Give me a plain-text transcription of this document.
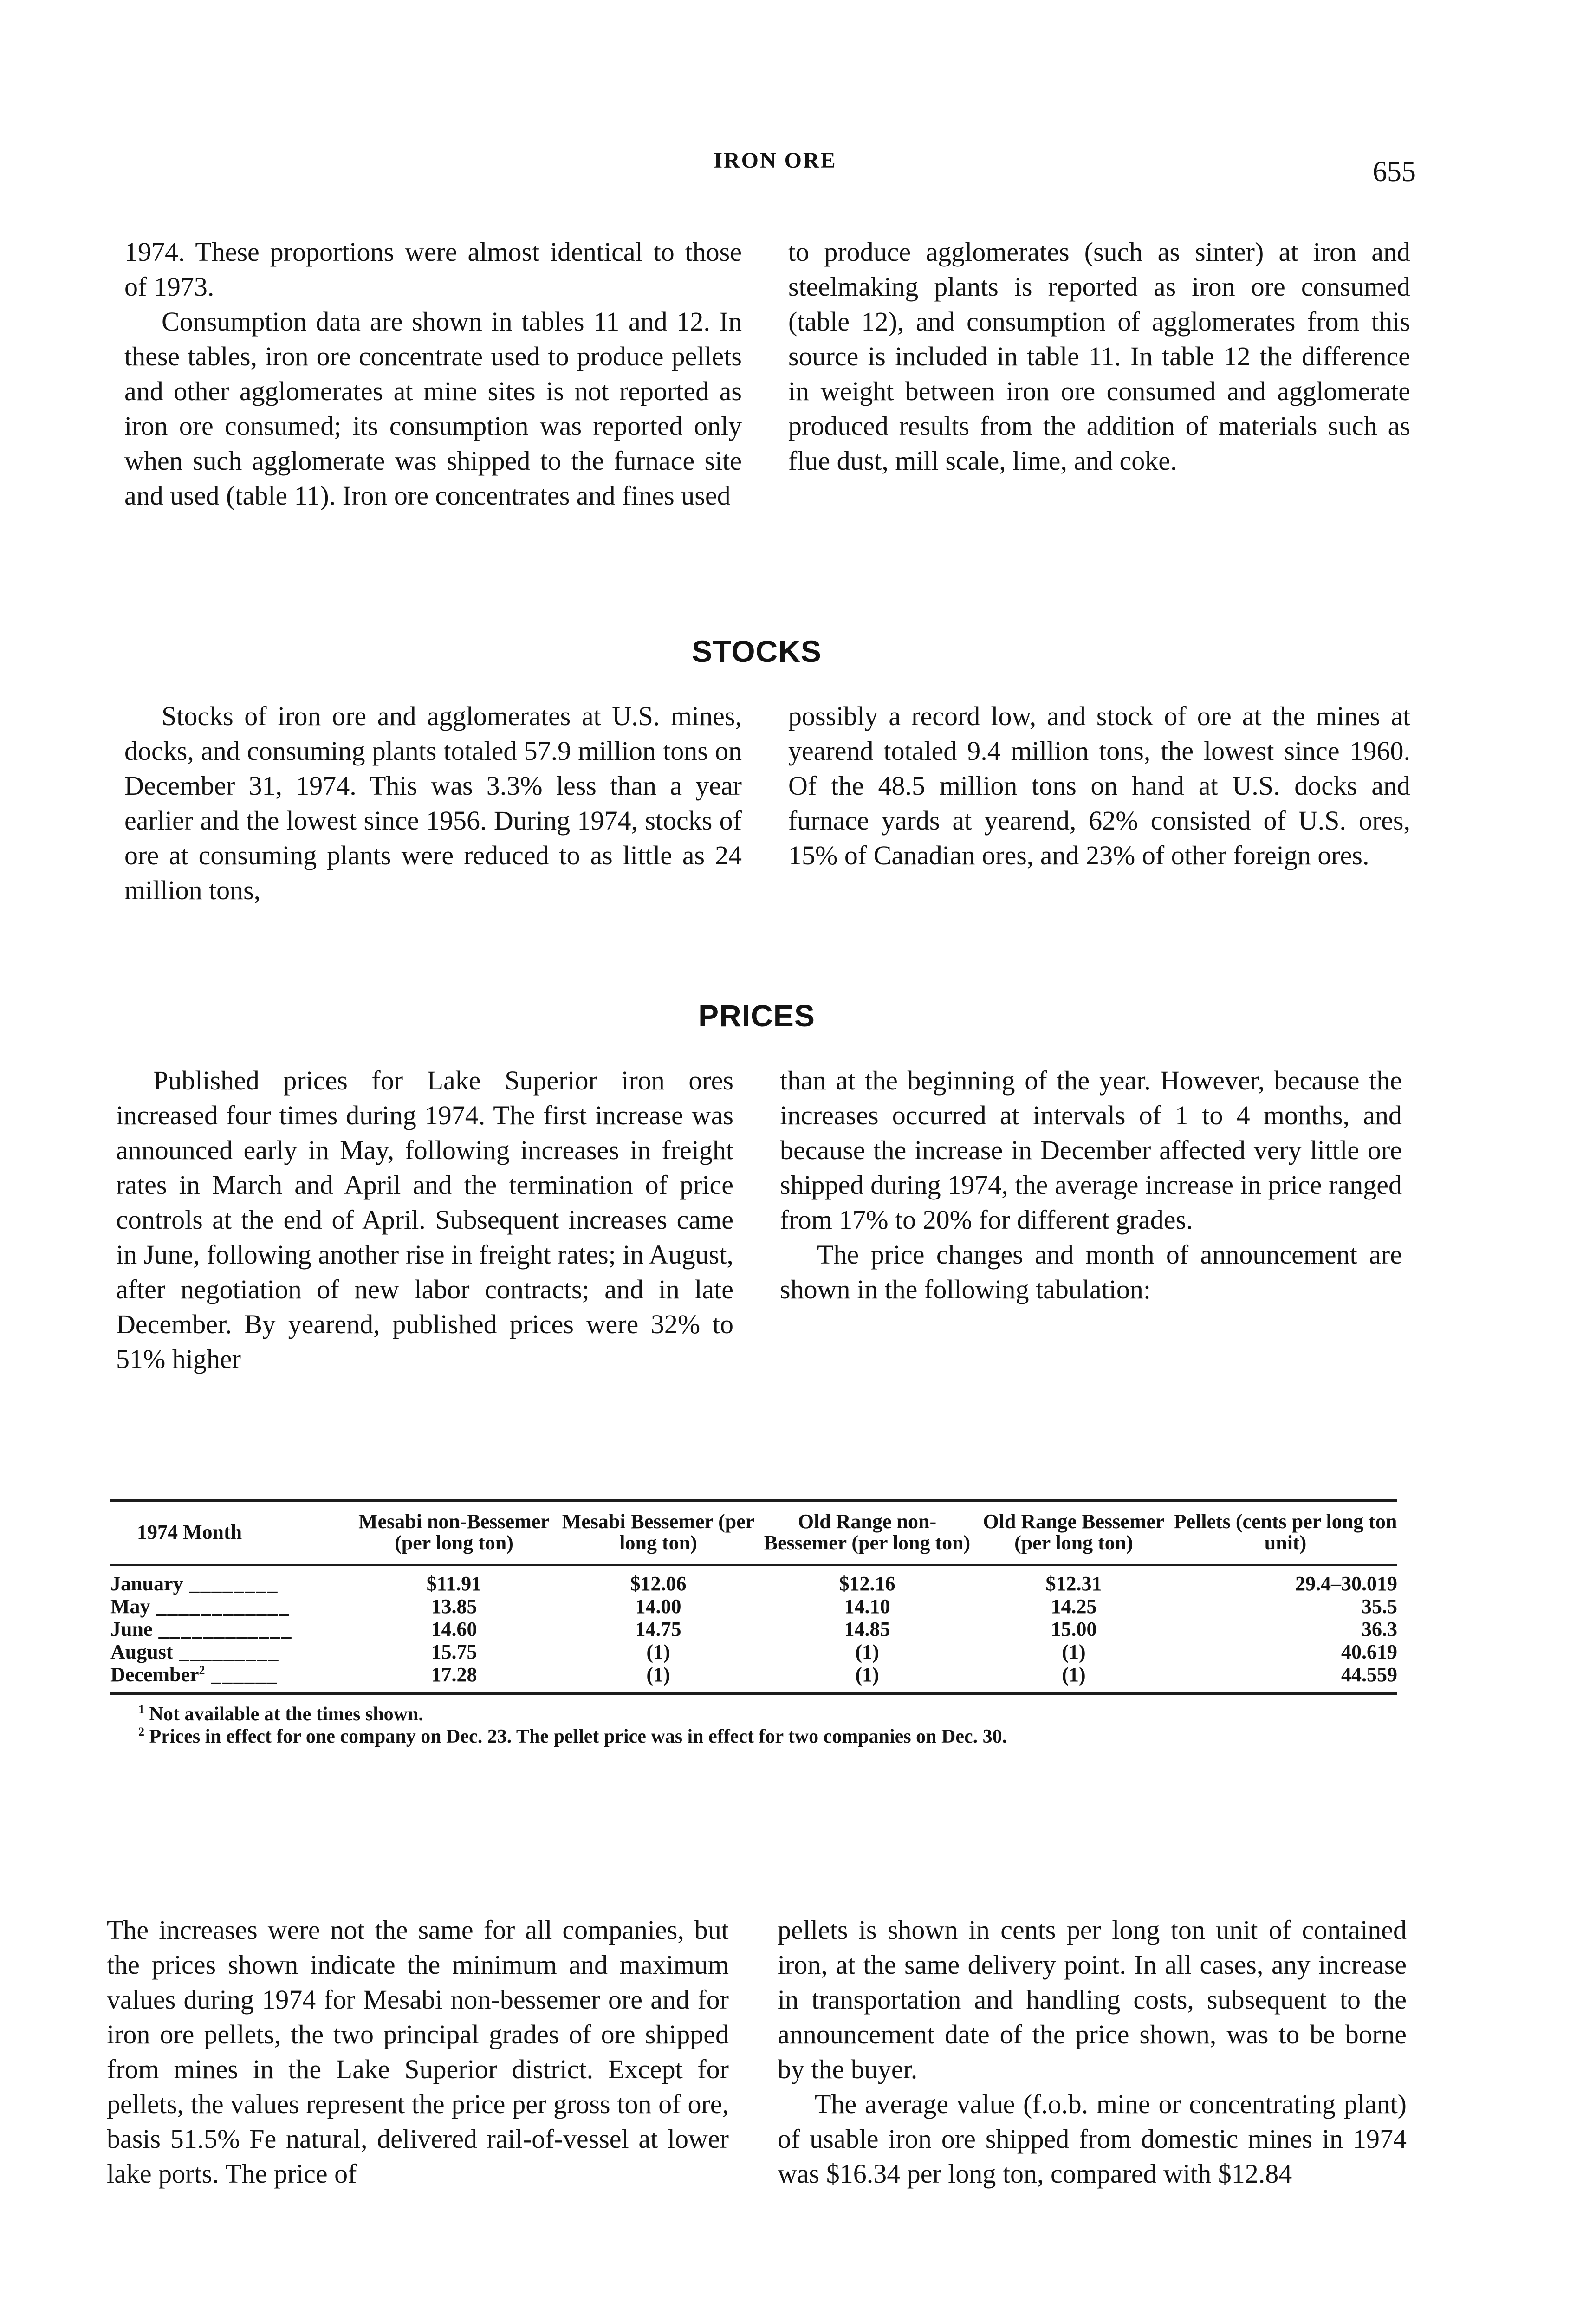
IRON ORE	655

1974. These proportions were almost identical to those of 1973.

Consumption data are shown in tables 11 and 12. In these tables, iron ore concentrate used to produce pellets and other agglomerates at mine sites is not reported as iron ore consumed; its consumption was reported only when such agglomerate was shipped to the furnace site and used (table 11). Iron ore concentrates and fines used

to produce agglomerates (such as sinter) at iron and steelmaking plants is reported as iron ore consumed (table 12), and consumption of agglomerates from this source is included in table 11. In table 12 the difference in weight between iron ore consumed and agglomerate produced results from the addition of materials such as flue dust, mill scale, lime, and coke.

STOCKS

Stocks of iron ore and agglomerates at U.S. mines, docks, and consuming plants totaled 57.9 million tons on December 31, 1974. This was 3.3% less than a year earlier and the lowest since 1956. During 1974, stocks of ore at consuming plants were reduced to as little as 24 million tons,

possibly a record low, and stock of ore at the mines at yearend totaled 9.4 million tons, the lowest since 1960. Of the 48.5 million tons on hand at U.S. docks and furnace yards at yearend, 62% consisted of U.S. ores, 15% of Canadian ores, and 23% of other foreign ores.

PRICES

Published prices for Lake Superior iron ores increased four times during 1974. The first increase was announced early in May, following increases in freight rates in March and April and the termination of price controls at the end of April. Subsequent increases came in June, following another rise in freight rates; in August, after negotiation of new labor contracts; and in late December. By yearend, published prices were 32% to 51% higher

than at the beginning of the year. However, because the increases occurred at intervals of 1 to 4 months, and because the increase in December affected very little ore shipped during 1974, the average increase in price ranged from 17% to 20% for different grades.

The price changes and month of announcement are shown in the following tabulation:

1974 Month	Mesabi non-Bessemer (per long ton)	Mesabi Bessemer (per long ton)	Old Range non-Bessemer (per long ton)	Old Range Bessemer (per long ton)	Pellets (cents per long ton unit)
January ________	$11.91	$12.06	$12.16	$12.31	29.4–30.019
May ____________	13.85	14.00	14.10	14.25	35.5
June ____________	14.60	14.75	14.85	15.00	36.3
August _________	15.75	(1)	(1)	(1)	40.619
December$^2$ ______	17.28	(1)	(1)	(1)	44.559
$^1$ Not available at the times shown.
$^2$ Prices in effect for one company on Dec. 23. The pellet price was in effect for two companies on Dec. 30.

The increases were not the same for all companies, but the prices shown indicate the minimum and maximum values during 1974 for Mesabi non-bessemer ore and for iron ore pellets, the two principal grades of ore shipped from mines in the Lake Superior district. Except for pellets, the values represent the price per gross ton of ore, basis 51.5% Fe natural, delivered rail-of-vessel at lower lake ports. The price of

pellets is shown in cents per long ton unit of contained iron, at the same delivery point. In all cases, any increase in transportation and handling costs, subsequent to the announcement date of the price shown, was to be borne by the buyer.

The average value (f.o.b. mine or concentrating plant) of usable iron ore shipped from domestic mines in 1974 was $16.34 per long ton, compared with $12.84
